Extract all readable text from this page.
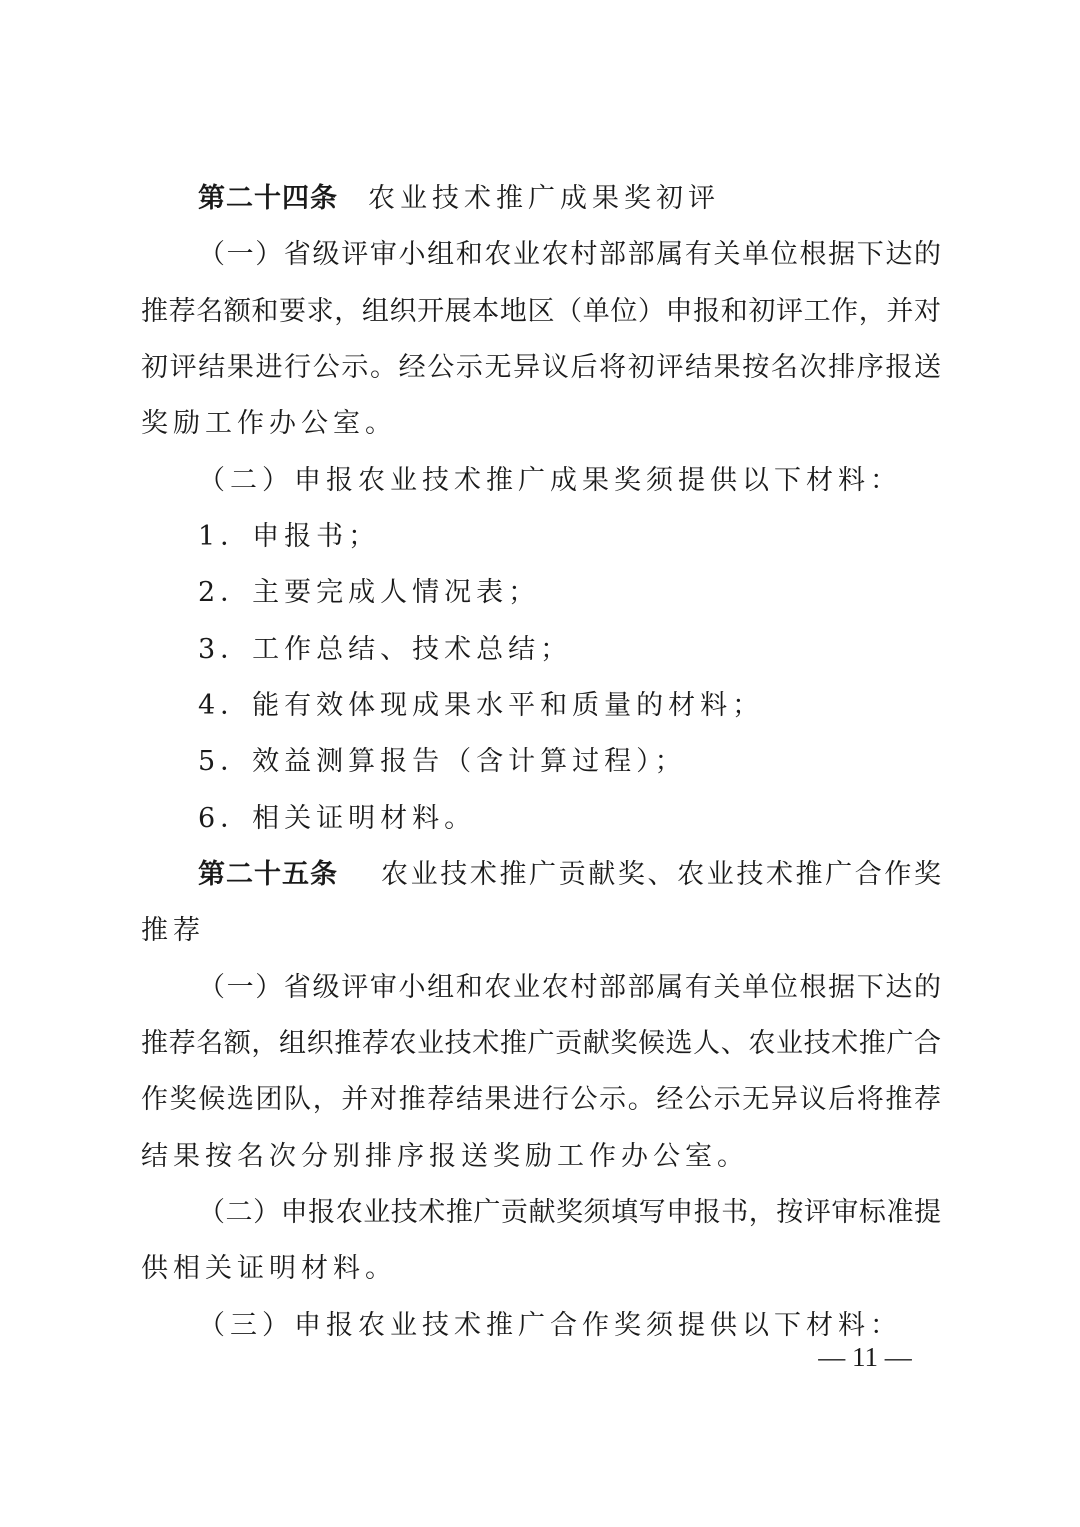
第二十四条 农业技术推广成果奖初评
（一）省级评审小组和农业农村部部属有关单位根据下达的
推荐名额和要求，组织开展本地区（单位）申报和初评工作，并对
初评结果进行公示。经公示无异议后将初评结果按名次排序报送
奖励工作办公室。
（二）申报农业技术推广成果奖须提供以下材料：
1．申报书；
2．主要完成人情况表；
3．工作总结、技术总结；
4．能有效体现成果水平和质量的材料；
5．效益测算报告（含计算过程）；
6．相关证明材料。
第二十五条 农业技术推广贡献奖、农业技术推广合作奖
推荐
（一）省级评审小组和农业农村部部属有关单位根据下达的
推荐名额，组织推荐农业技术推广贡献奖候选人、农业技术推广合
作奖候选团队，并对推荐结果进行公示。经公示无异议后将推荐
结果按名次分别排序报送奖励工作办公室。
（二）申报农业技术推广贡献奖须填写申报书，按评审标准提
供相关证明材料。
（三）申报农业技术推广合作奖须提供以下材料：
— 11 —
